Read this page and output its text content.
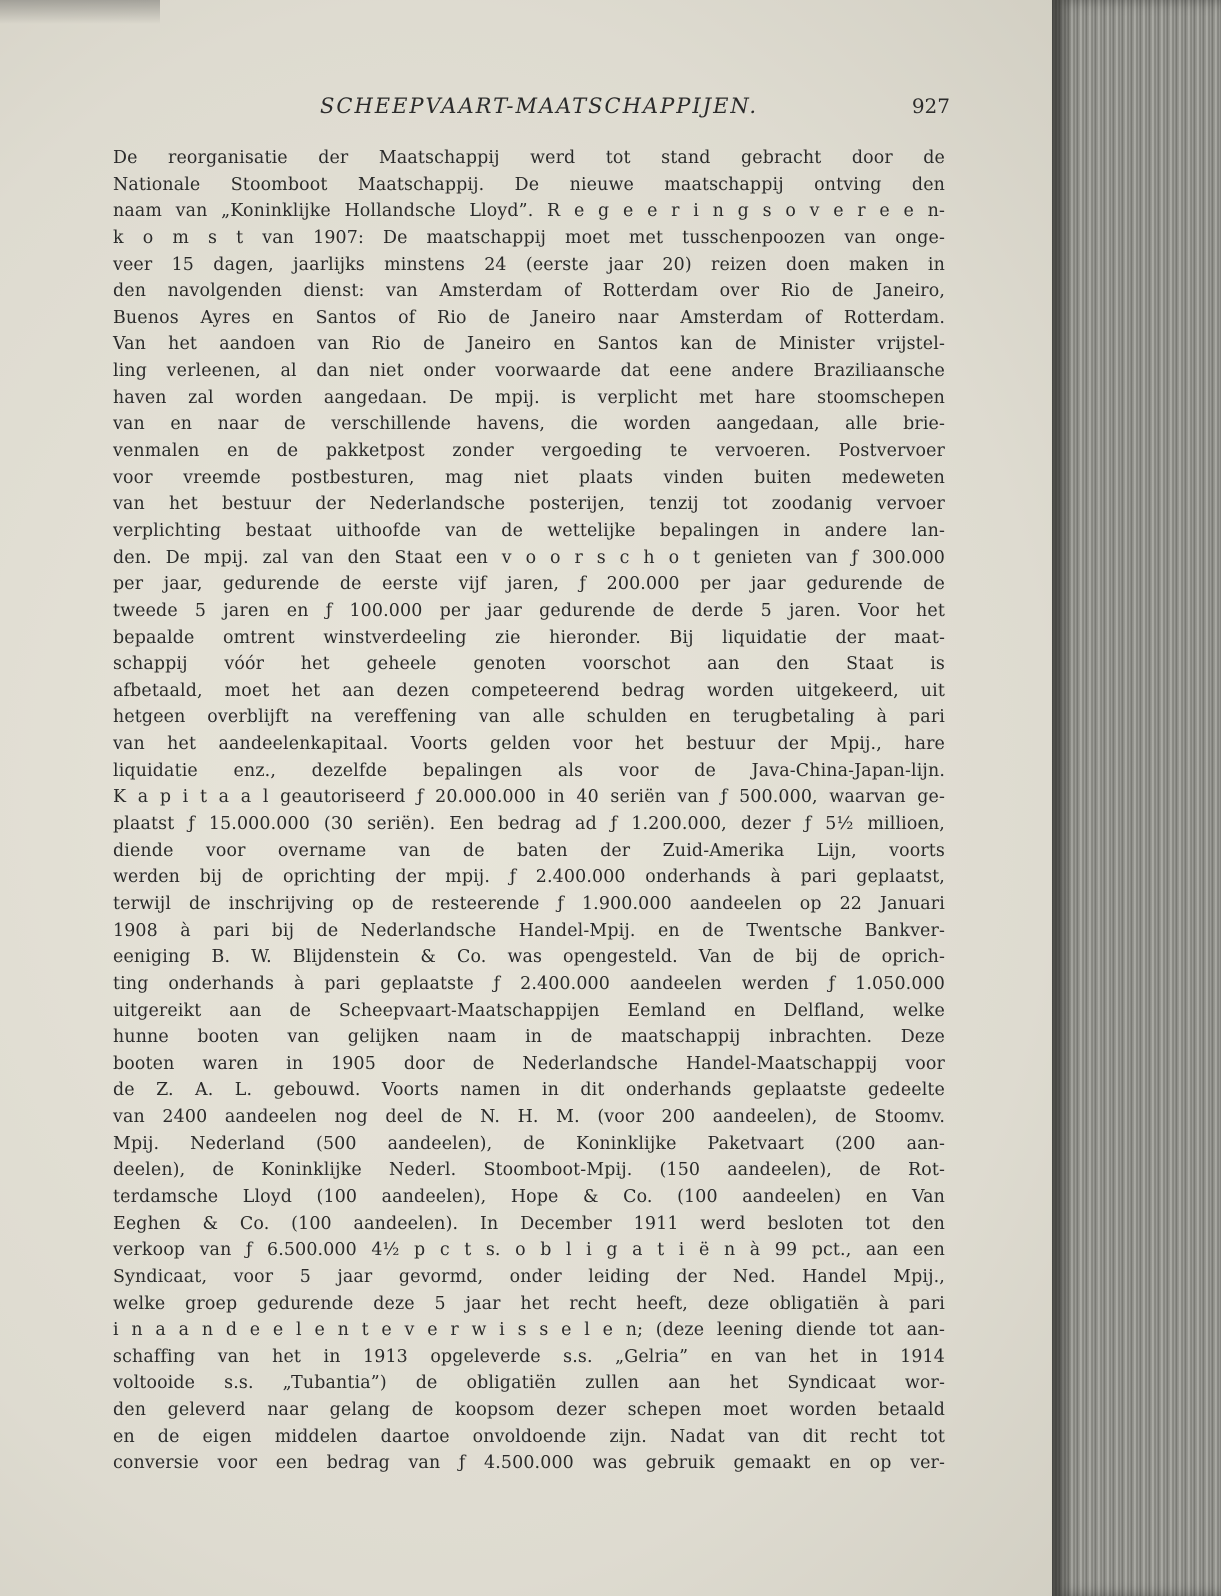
SCHEEPVAART-MAATSCHAPPIJEN.	927
De reorganisatie der Maatschappij werd tot stand gebracht door de
Nationale Stoomboot Maatschappij. De nieuwe maatschappij ontving den
naam van „Koninklijke Hollandsche Lloyd”. R e g e e r i n g s o v e r e e n-
k o m s t van 1907: De maatschappij moet met tusschenpoozen van onge-
veer 15 dagen, jaarlijks minstens 24 (eerste jaar 20) reizen doen maken in
den navolgenden dienst: van Amsterdam of Rotterdam over Rio de Janeiro,
Buenos Ayres en Santos of Rio de Janeiro naar Amsterdam of Rotterdam.
Van het aandoen van Rio de Janeiro en Santos kan de Minister vrijstel-
ling verleenen, al dan niet onder voorwaarde dat eene andere Braziliaansche
haven zal worden aangedaan. De mpij. is verplicht met hare stoomschepen
van en naar de verschillende havens, die worden aangedaan, alle brie-
venmalen en de pakketpost zonder vergoeding te vervoeren. Postvervoer
voor vreemde postbesturen, mag niet plaats vinden buiten medeweten
van het bestuur der Nederlandsche posterijen, tenzij tot zoodanig vervoer
verplichting bestaat uithoofde van de wettelijke bepalingen in andere lan-
den. De mpij. zal van den Staat een v o o r s c h o t genieten van ƒ 300.000
per jaar, gedurende de eerste vijf jaren, ƒ 200.000 per jaar gedurende de
tweede 5 jaren en ƒ 100.000 per jaar gedurende de derde 5 jaren. Voor het
bepaalde omtrent winstverdeeling zie hieronder. Bij liquidatie der maat-
schappij vóór het geheele genoten voorschot aan den Staat is
afbetaald, moet het aan dezen competeerend bedrag worden uitgekeerd, uit
hetgeen overblijft na vereffening van alle schulden en terugbetaling à pari
van het aandeelenkapitaal. Voorts gelden voor het bestuur der Mpij., hare
liquidatie enz., dezelfde bepalingen als voor de Java-China-Japan-lijn.
K a p i t a a l geautoriseerd ƒ 20.000.000 in 40 seriën van ƒ 500.000, waarvan ge-
plaatst ƒ 15.000.000 (30 seriën). Een bedrag ad ƒ 1.200.000, dezer ƒ 5½ millioen,
diende voor overname van de baten der Zuid-Amerika Lijn, voorts
werden bij de oprichting der mpij. ƒ 2.400.000 onderhands à pari geplaatst,
terwijl de inschrijving op de resteerende ƒ 1.900.000 aandeelen op 22 Januari
1908 à pari bij de Nederlandsche Handel-Mpij. en de Twentsche Bankver-
eeniging B. W. Blijdenstein & Co. was opengesteld. Van de bij de oprich-
ting onderhands à pari geplaatste ƒ 2.400.000 aandeelen werden ƒ 1.050.000
uitgereikt aan de Scheepvaart-Maatschappijen Eemland en Delfland, welke
hunne booten van gelijken naam in de maatschappij inbrachten. Deze
booten waren in 1905 door de Nederlandsche Handel-Maatschappij voor
de Z. A. L. gebouwd. Voorts namen in dit onderhands geplaatste gedeelte
van 2400 aandeelen nog deel de N. H. M. (voor 200 aandeelen), de Stoomv.
Mpij. Nederland (500 aandeelen), de Koninklijke Paketvaart (200 aan-
deelen), de Koninklijke Nederl. Stoomboot-Mpij. (150 aandeelen), de Rot-
terdamsche Lloyd (100 aandeelen), Hope & Co. (100 aandeelen) en Van
Eeghen & Co. (100 aandeelen). In December 1911 werd besloten tot den
verkoop van ƒ 6.500.000 4½ p c t s. o b l i g a t i ë n à 99 pct., aan een
Syndicaat, voor 5 jaar gevormd, onder leiding der Ned. Handel Mpij.,
welke groep gedurende deze 5 jaar het recht heeft, deze obligatiën à pari
i n a a n d e e l e n t e v e r w i s s e l e n; (deze leening diende tot aan-
schaffing van het in 1913 opgeleverde s.s. „Gelria” en van het in 1914
voltooide s.s. „Tubantia”) de obligatiën zullen aan het Syndicaat wor-
den geleverd naar gelang de koopsom dezer schepen moet worden betaald
en de eigen middelen daartoe onvoldoende zijn. Nadat van dit recht tot
conversie voor een bedrag van ƒ 4.500.000 was gebruik gemaakt en op ver-
